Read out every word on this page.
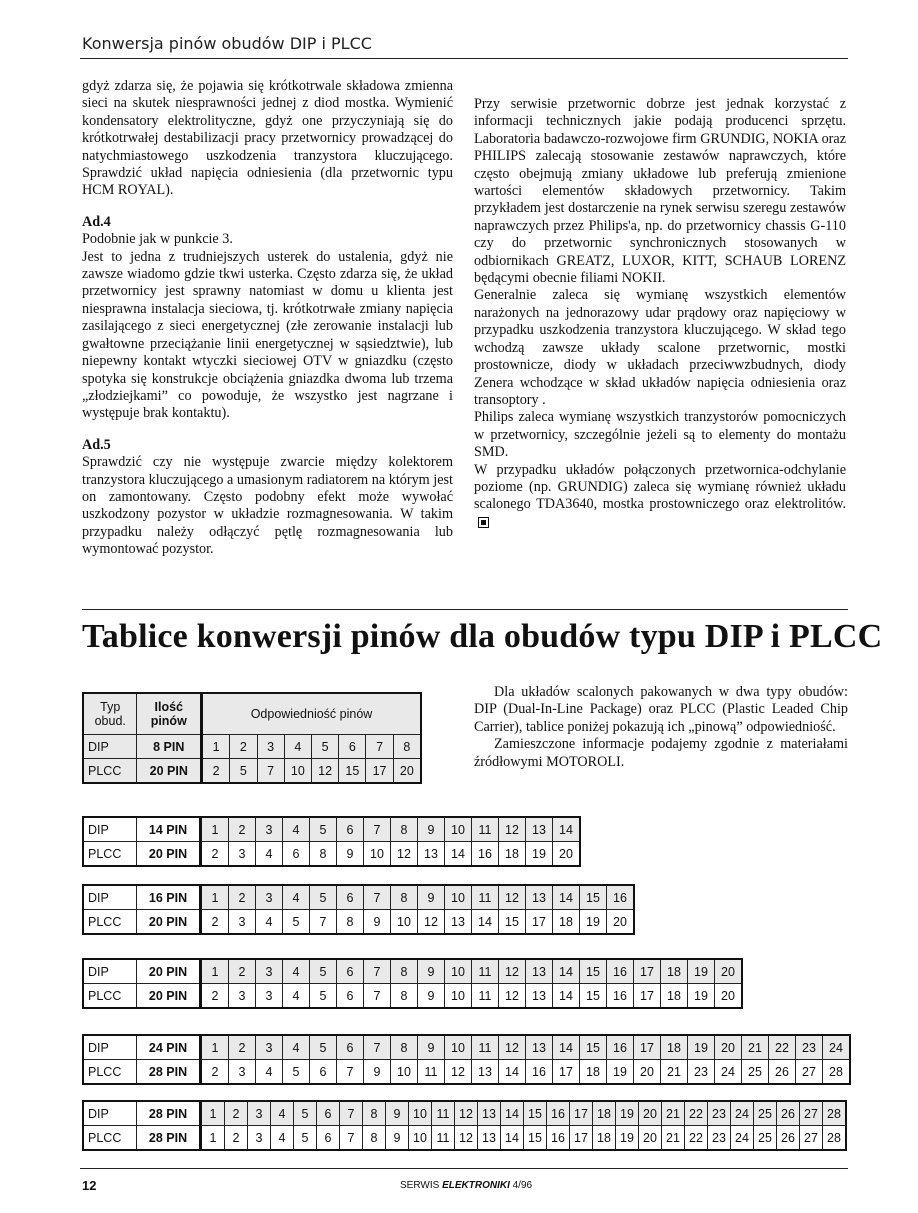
Konwersja pinów obudów DIP i PLCC

gdyż zdarza się, że pojawia się krótkotrwale składowa zmienna sieci na skutek niesprawności jednej z diod mostka. Wymienić kondensatory elektrolityczne, gdyż one przyczyniają się do krótkotrwałej destabilizacji pracy przetwornicy prowadzącej do natychmiastowego uszkodzenia tranzystora kluczującego. Sprawdzić układ napięcia odniesienia (dla przetwornic typu HCM ROYAL).

Ad.4

Podobnie jak w punkcie 3.

Jest to jedna z trudniejszych usterek do ustalenia, gdyż nie zawsze wiadomo gdzie tkwi usterka. Często zdarza się, że układ przetwornicy jest sprawny natomiast w domu u klienta jest niesprawna instalacja sieciowa, tj. krótkotrwałe zmiany napięcia zasilającego z sieci energetycznej (złe zerowanie instalacji lub gwałtowne przeciążanie linii energetycznej w sąsiedztwie), lub niepewny kontakt wtyczki sieciowej OTV w gniazdku (często spotyka się konstrukcje obciążenia gniazdka dwoma lub trzema „złodziejkami” co powoduje, że wszystko jest nagrzane i występuje brak kontaktu).

Ad.5

Sprawdzić czy nie występuje zwarcie między kolektorem tranzystora kluczującego a umasionym radiatorem na którym jest on zamontowany. Często podobny efekt może wywołać uszkodzony pozystor w układzie rozmagnesowania. W takim przypadku należy odłączyć pętlę rozmagnesowania lub wymontować pozystor.

Przy serwisie przetwornic dobrze jest jednak korzystać z informacji technicznych jakie podają producenci sprzętu. Laboratoria badawczo-rozwojowe firm GRUNDIG, NOKIA oraz PHILIPS zalecają stosowanie zestawów naprawczych, które często obejmują zmiany układowe lub preferują zmienione wartości elementów składowych przetwornicy. Takim przykładem jest dostarczenie na rynek serwisu szeregu zestawów naprawczych przez Philips'a, np. do przetwornicy chassis G-110 czy do przetwornic synchronicznych stosowanych w odbiornikach GREATZ, LUXOR, KITT, SCHAUB LORENZ będącymi obecnie filiami NOKII.

Generalnie zaleca się wymianę wszystkich elementów narażonych na jednorazowy udar prądowy oraz napięciowy w przypadku uszkodzenia tranzystora kluczującego. W skład tego wchodzą zawsze układy scalone przetwornic, mostki prostownicze, diody w układach przeciwwzbudnych, diody Zenera wchodzące w skład układów napięcia odniesienia oraz transoptory .

Philips zaleca wymianę wszystkich tranzystorów pomocniczych w przetwornicy, szczególnie jeżeli są to elementy do montażu SMD.

W przypadku układów połączonych przetwornica-odchylanie poziome (np. GRUNDIG) zaleca się wymianę również układu scalonego TDA3640, mostka prostowniczego oraz elektrolitów.

Tablice konwersji pinów dla obudów typu DIP i PLCC

Dla układów scalonych pakowanych w dwa typy obudów: DIP (Dual-In-Line Package) oraz PLCC (Plastic Leaded Chip Carrier), tablice poniżej pokazują ich „pinową” odpowiedniość.

Zamieszczone informacje podajemy zgodnie z materiałami źródłowymi MOTOROLI.

Typ obud.	Ilość pinów	Odpowiedniość pinów							
DIP	8 PIN	1	2	3	4	5	6	7	8
PLCC	20 PIN	2	5	7	10	12	15	17	20
DIP	14 PIN	1	2	3	4	5	6	7	8	9	10	11	12	13	14
PLCC	20 PIN	2	3	4	6	8	9	10	12	13	14	16	18	19	20
DIP	16 PIN	1	2	3	4	5	6	7	8	9	10	11	12	13	14	15	16
PLCC	20 PIN	2	3	4	5	7	8	9	10	12	13	14	15	17	18	19	20
DIP	20 PIN	1	2	3	4	5	6	7	8	9	10	11	12	13	14	15	16	17	18	19	20
PLCC	20 PIN	2	3	3	4	5	6	7	8	9	10	11	12	13	14	15	16	17	18	19	20
DIP	24 PIN	1	2	3	4	5	6	7	8	9	10	11	12	13	14	15	16	17	18	19	20	21	22	23	24
PLCC	28 PIN	2	3	4	5	6	7	9	10	11	12	13	14	16	17	18	19	20	21	23	24	25	26	27	28
DIP	28 PIN	1	2	3	4	5	6	7	8	9	10	11	12	13	14	15	16	17	18	19	20	21	22	23	24	25	26	27	28
PLCC	28 PIN	1	2	3	4	5	6	7	8	9	10	11	12	13	14	15	16	17	18	19	20	21	22	23	24	25	26	27	28
12	SERWIS ELEKTRONIKI 4/96
